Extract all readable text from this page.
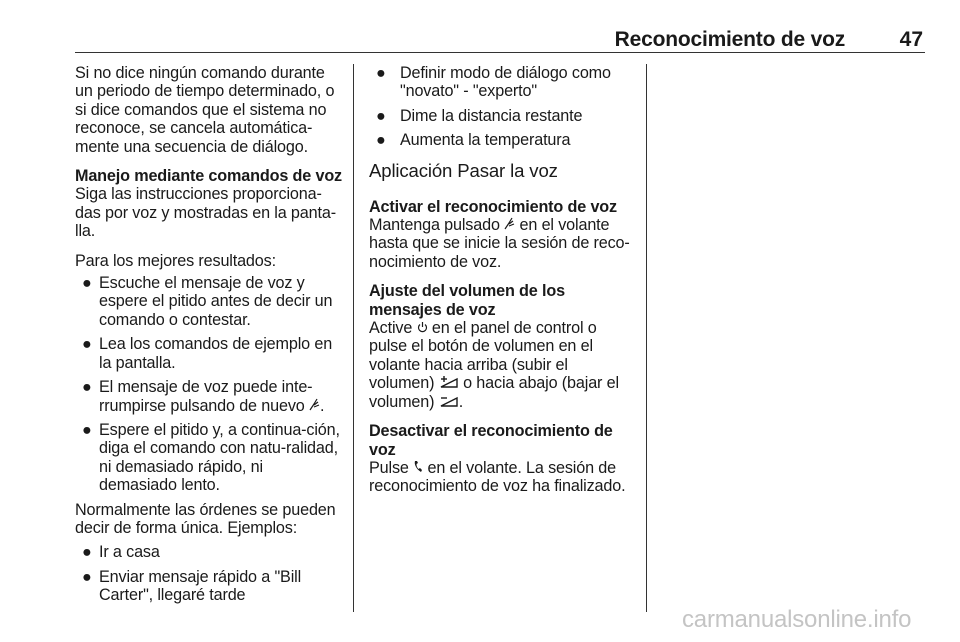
Reconocimiento de voz	47

Si no dice ningún comando durante un periodo de tiempo determinado, o si dice comandos que el sistema no reconoce, se cancela automática-mente una secuencia de diálogo.

Manejo mediante comandos de voz

Siga las instrucciones proporciona-das por voz y mostradas en la panta-lla.

Para los mejores resultados:

● Escuche el mensaje de voz y espere el pitido antes de decir un comando o contestar.
● Lea los comandos de ejemplo en la pantalla.
● El mensaje de voz puede inte-rrumpirse pulsando de nuevo .
● Espere el pitido y, a continua-ción, diga el comando con natu-ralidad, ni demasiado rápido, ni demasiado lento.

Normalmente las órdenes se pueden decir de forma única. Ejemplos:

● Ir a casa
● Enviar mensaje rápido a "Bill Carter", llegaré tarde
● Definir modo de diálogo como "novato" - "experto"
● Dime la distancia restante
● Aumenta la temperatura

Aplicación Pasar la voz

Activar el reconocimiento de voz

Mantenga pulsado en el volante hasta que se inicie la sesión de reco-nocimiento de voz.

Ajuste del volumen de los mensajes de voz

Active en el panel de control o pulse el botón de volumen en el volante hacia arriba (subir el volumen) o hacia abajo (bajar el volumen) .

Desactivar el reconocimiento de voz

Pulse en el volante. La sesión de reconocimiento de voz ha finalizado.

carmanualsonline.info
